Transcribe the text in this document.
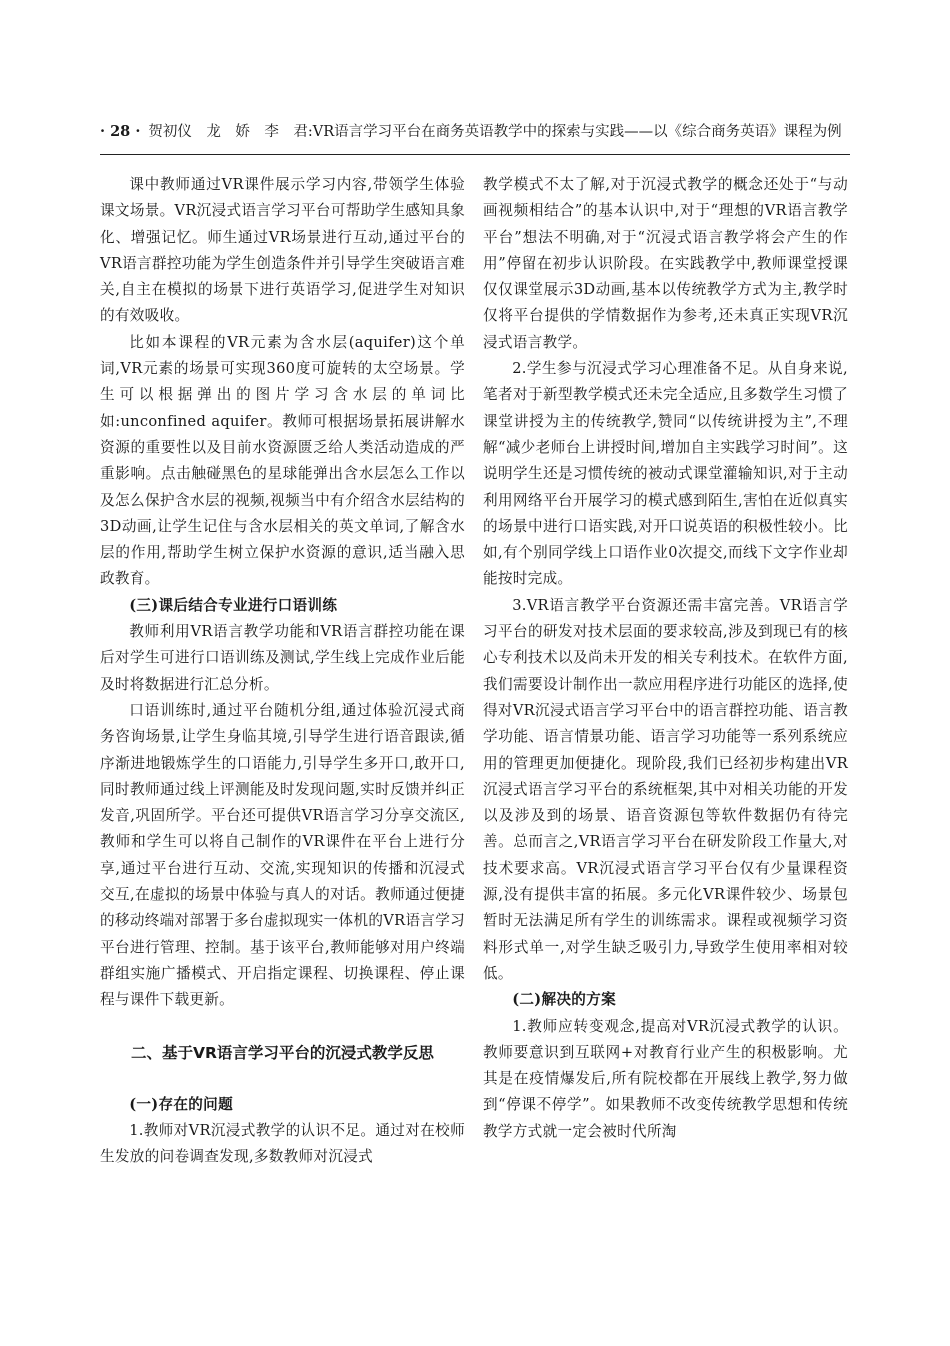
· 28 · 贺初仪　龙　娇　李　君:VR语言学习平台在商务英语教学中的探索与实践——以《综合商务英语》课程为例

课中教师通过VR课件展示学习内容,带领学生体验课文场景。VR沉浸式语言学习平台可帮助学生感知具象化、增强记忆。师生通过VR场景进行互动,通过平台的VR语言群控功能为学生创造条件并引导学生突破语言难关,自主在模拟的场景下进行英语学习,促进学生对知识的有效吸收。

比如本课程的VR元素为含水层(aquifer)这个单词,VR元素的场景可实现360度可旋转的太空场景。学生可以根据弹出的图片学习含水层的单词比如:unconfined aquifer。教师可根据场景拓展讲解水资源的重要性以及目前水资源匮乏给人类活动造成的严重影响。点击触碰黑色的星球能弹出含水层怎么工作以及怎么保护含水层的视频,视频当中有介绍含水层结构的3D动画,让学生记住与含水层相关的英文单词,了解含水层的作用,帮助学生树立保护水资源的意识,适当融入思政教育。

(三)课后结合专业进行口语训练

教师利用VR语言教学功能和VR语言群控功能在课后对学生可进行口语训练及测试,学生线上完成作业后能及时将数据进行汇总分析。

口语训练时,通过平台随机分组,通过体验沉浸式商务咨询场景,让学生身临其境,引导学生进行语音跟读,循序渐进地锻炼学生的口语能力,引导学生多开口,敢开口,同时教师通过线上评测能及时发现问题,实时反馈并纠正发音,巩固所学。平台还可提供VR语言学习分享交流区,教师和学生可以将自己制作的VR课件在平台上进行分享,通过平台进行互动、交流,实现知识的传播和沉浸式交互,在虚拟的场景中体验与真人的对话。教师通过便捷的移动终端对部署于多台虚拟现实一体机的VR语言学习平台进行管理、控制。基于该平台,教师能够对用户终端群组实施广播模式、开启指定课程、切换课程、停止课程与课件下载更新。

二、基于VR语言学习平台的沉浸式教学反思
(一)存在的问题

1.教师对VR沉浸式教学的认识不足。通过对在校师生发放的问卷调查发现,多数教师对沉浸式

教学模式不太了解,对于沉浸式教学的概念还处于“与动画视频相结合”的基本认识中,对于“理想的VR语言教学平台”想法不明确,对于“沉浸式语言教学将会产生的作用”停留在初步认识阶段。在实践教学中,教师课堂授课仅仅课堂展示3D动画,基本以传统教学方式为主,教学时仅将平台提供的学情数据作为参考,还未真正实现VR沉浸式语言教学。

2.学生参与沉浸式学习心理准备不足。从自身来说,笔者对于新型教学模式还未完全适应,且多数学生习惯了课堂讲授为主的传统教学,赞同“以传统讲授为主”,不理解“减少老师台上讲授时间,增加自主实践学习时间”。这说明学生还是习惯传统的被动式课堂灌输知识,对于主动利用网络平台开展学习的模式感到陌生,害怕在近似真实的场景中进行口语实践,对开口说英语的积极性较小。比如,有个别同学线上口语作业0次提交,而线下文字作业却能按时完成。

3.VR语言教学平台资源还需丰富完善。VR语言学习平台的研发对技术层面的要求较高,涉及到现已有的核心专利技术以及尚未开发的相关专利技术。在软件方面,我们需要设计制作出一款应用程序进行功能区的选择,使得对VR沉浸式语言学习平台中的语言群控功能、语言教学功能、语言情景功能、语言学习功能等一系列系统应用的管理更加便捷化。现阶段,我们已经初步构建出VR沉浸式语言学习平台的系统框架,其中对相关功能的开发以及涉及到的场景、语音资源包等软件数据仍有待完善。总而言之,VR语言学习平台在研发阶段工作量大,对技术要求高。VR沉浸式语言学习平台仅有少量课程资源,没有提供丰富的拓展。多元化VR课件较少、场景包暂时无法满足所有学生的训练需求。课程或视频学习资料形式单一,对学生缺乏吸引力,导致学生使用率相对较低。

(二)解决的方案

1.教师应转变观念,提高对VR沉浸式教学的认识。教师要意识到互联网+对教育行业产生的积极影响。尤其是在疫情爆发后,所有院校都在开展线上教学,努力做到“停课不停学”。如果教师不改变传统教学思想和传统教学方式就一定会被时代所淘
